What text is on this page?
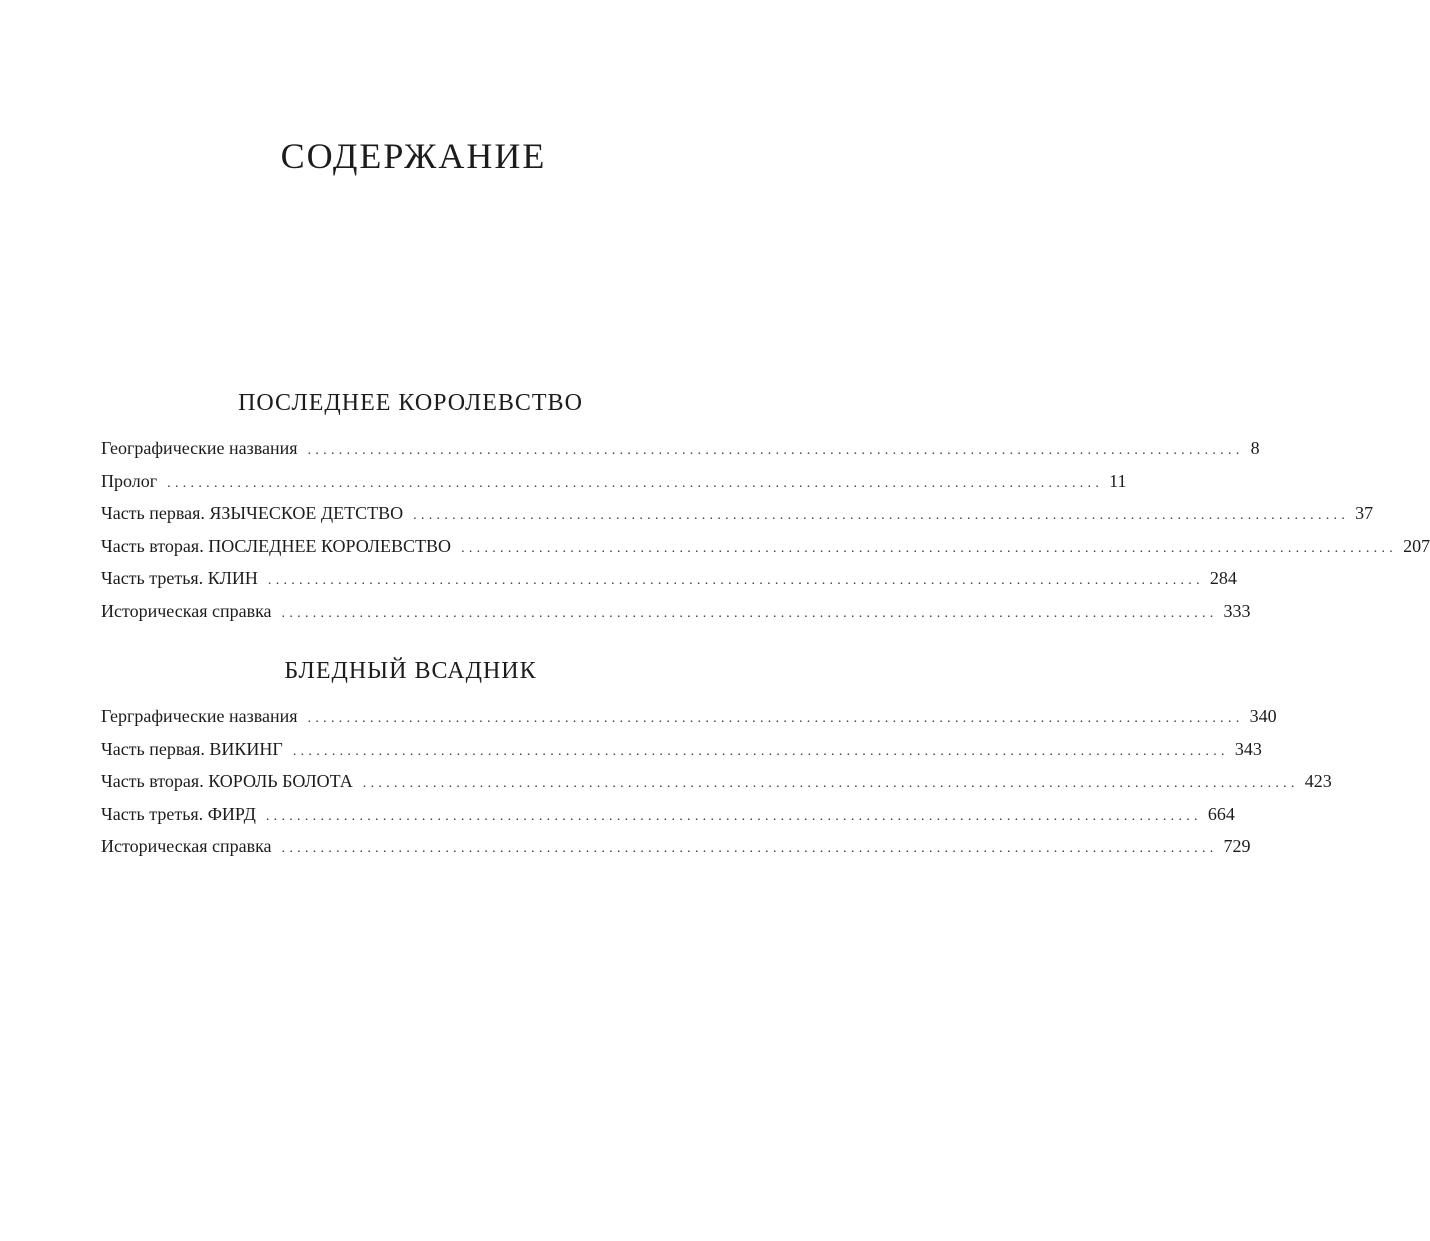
СОДЕРЖАНИЕ
ПОСЛЕДНЕЕ КОРОЛЕВСТВО
Географические названия ........................................................................................................................ 8
Пролог ........................................................................................................................ 11
Часть первая. ЯЗЫЧЕСКОЕ ДЕТСТВО ........................................................................................................................ 37
Часть вторая. ПОСЛЕДНЕЕ КОРОЛЕВСТВО ........................................................................................................................ 207
Часть третья. КЛИН ........................................................................................................................ 284
Историческая справка ........................................................................................................................ 333
БЛЕДНЫЙ ВСАДНИК
Герграфические названия ........................................................................................................................ 340
Часть первая. ВИКИНГ ........................................................................................................................ 343
Часть вторая. КОРОЛЬ БОЛОТА ........................................................................................................................ 423
Часть третья. ФИРД ........................................................................................................................ 664
Историческая справка ........................................................................................................................ 729
